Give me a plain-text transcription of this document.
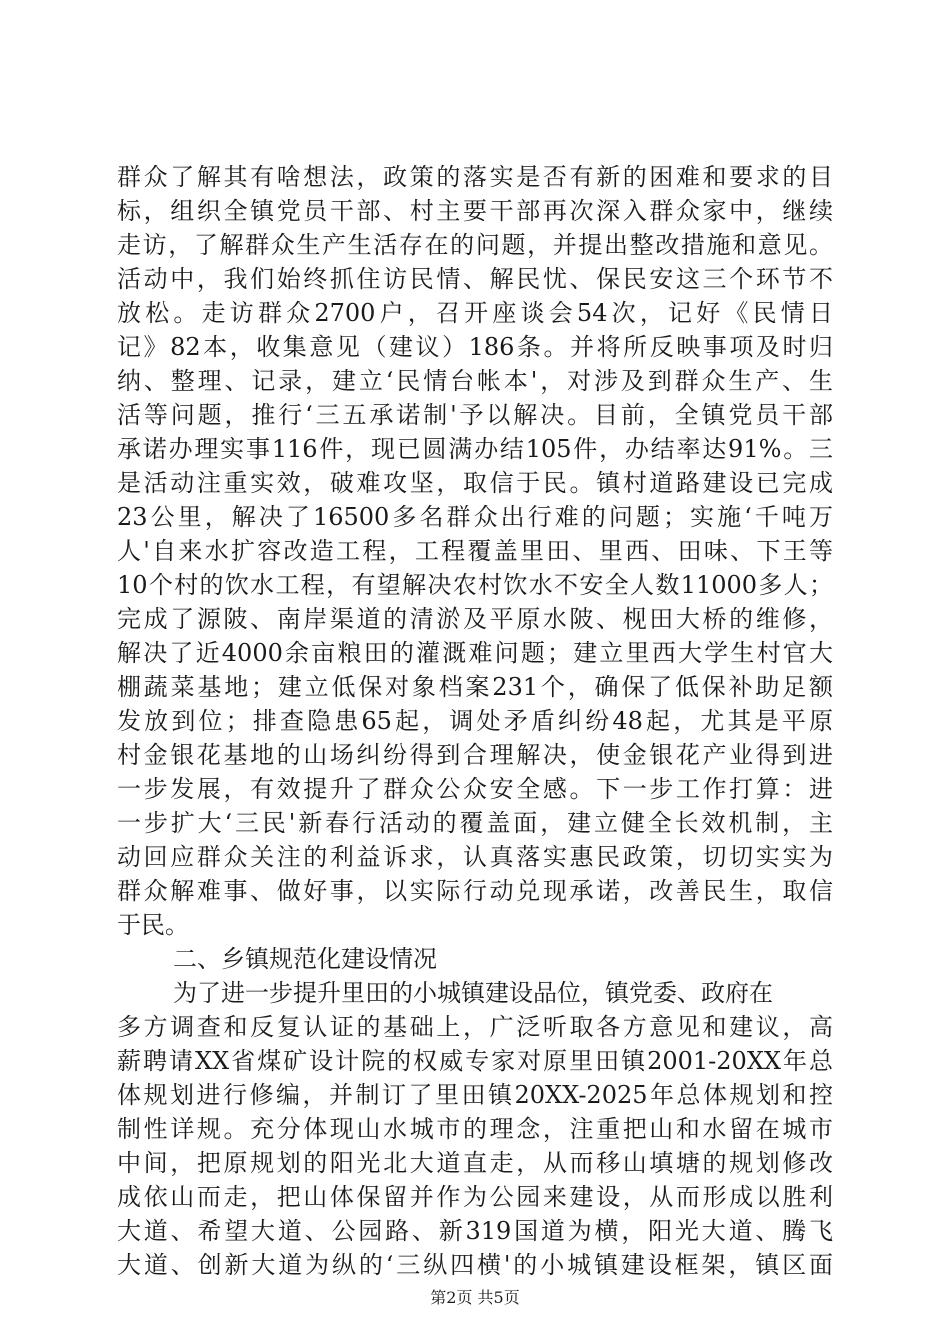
群众了解其有啥想法，政策的落实是否有新的困难和要求的目
标，组织全镇党员干部、村主要干部再次深入群众家中，继续
走访，了解群众生产生活存在的问题，并提出整改措施和意见。
活动中，我们始终抓住访民情、解民忧、保民安这三个环节不
放松。走访群众2700户，召开座谈会54次，记好《民情日
记》82本，收集意见（建议）186条。并将所反映事项及时归
纳、整理、记录，建立‘民情台帐本'，对涉及到群众生产、生
活等问题，推行‘三五承诺制'予以解决。目前，全镇党员干部
承诺办理实事116件，现已圆满办结105件，办结率达91%。三
是活动注重实效，破难攻坚，取信于民。镇村道路建设已完成
23公里，解决了16500多名群众出行难的问题；实施‘千吨万
人'自来水扩容改造工程，工程覆盖里田、里西、田味、下王等
10个村的饮水工程，有望解决农村饮水不安全人数11000多人；
完成了源陂、南岸渠道的清淤及平原水陂、枧田大桥的维修，
解决了近4000余亩粮田的灌溉难问题；建立里西大学生村官大
棚蔬菜基地；建立低保对象档案231个，确保了低保补助足额
发放到位；排查隐患65起，调处矛盾纠纷48起，尤其是平原
村金银花基地的山场纠纷得到合理解决，使金银花产业得到进
一步发展，有效提升了群众公众安全感。下一步工作打算：进
一步扩大‘三民'新春行活动的覆盖面，建立健全长效机制，主
动回应群众关注的利益诉求，认真落实惠民政策，切切实实为
群众解难事、做好事，以实际行动兑现承诺，改善民生，取信
于民。
二、乡镇规范化建设情况
为了进一步提升里田的小城镇建设品位，镇党委、政府在
多方调查和反复认证的基础上，广泛听取各方意见和建议，高
薪聘请XX省煤矿设计院的权威专家对原里田镇2001-20XX年总
体规划进行修编，并制订了里田镇20XX-2025年总体规划和控
制性详规。充分体现山水城市的理念，注重把山和水留在城市
中间，把原规划的阳光北大道直走，从而移山填塘的规划修改
成依山而走，把山体保留并作为公园来建设，从而形成以胜利
大道、希望大道、公园路、新319国道为横，阳光大道、腾飞
大道、创新大道为纵的‘三纵四横'的小城镇建设框架，镇区面
第2页 共5页
